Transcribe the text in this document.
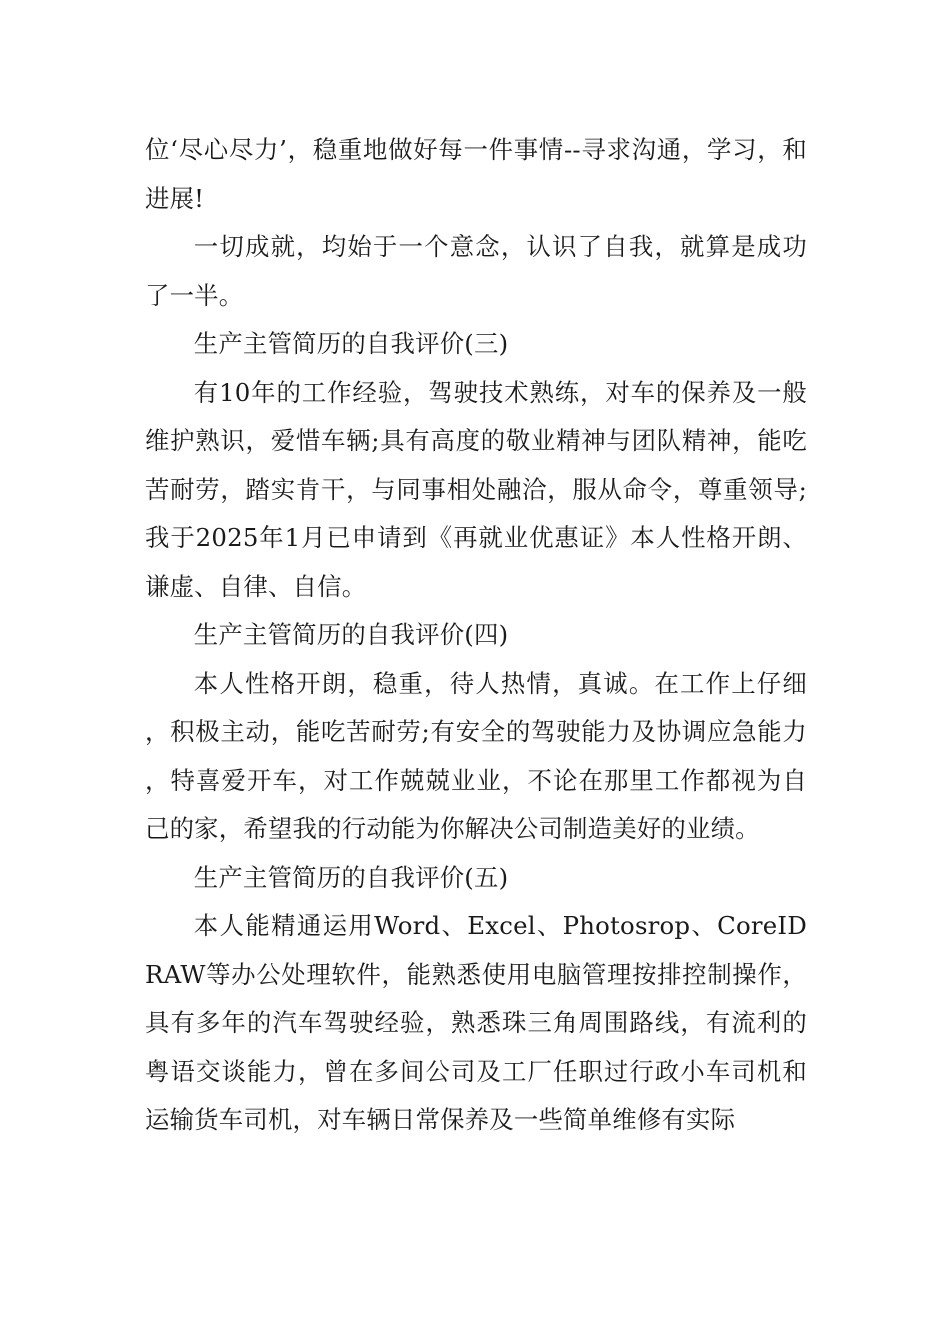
位‘尽心尽力’，稳重地做好每一件事情--寻求沟通，学习，和进展!

一切成就，均始于一个意念，认识了自我，就算是成功了一半。

生产主管简历的自我评价(三)

有10年的工作经验，驾驶技术熟练，对车的保养及一般维护熟识，爱惜车辆;具有高度的敬业精神与团队精神，能吃苦耐劳，踏实肯干，与同事相处融洽，服从命令，尊重领导;我于2025年1月已申请到《再就业优惠证》本人性格开朗、谦虚、自律、自信。

生产主管简历的自我评价(四)

本人性格开朗，稳重，待人热情，真诚。在工作上仔细，积极主动，能吃苦耐劳;有安全的驾驶能力及协调应急能力，特喜爱开车，对工作兢兢业业，不论在那里工作都视为自己的家，希望我的行动能为你解决公司制造美好的业绩。

生产主管简历的自我评价(五)

本人能精通运用Word、Excel、Photosrop、CoreIDRAW等办公处理软件，能熟悉使用电脑管理按排控制操作，具有多年的汽车驾驶经验，熟悉珠三角周围路线，有流利的粤语交谈能力，曾在多间公司及工厂任职过行政小车司机和运输货车司机，对车辆日常保养及一些简单维修有实际
